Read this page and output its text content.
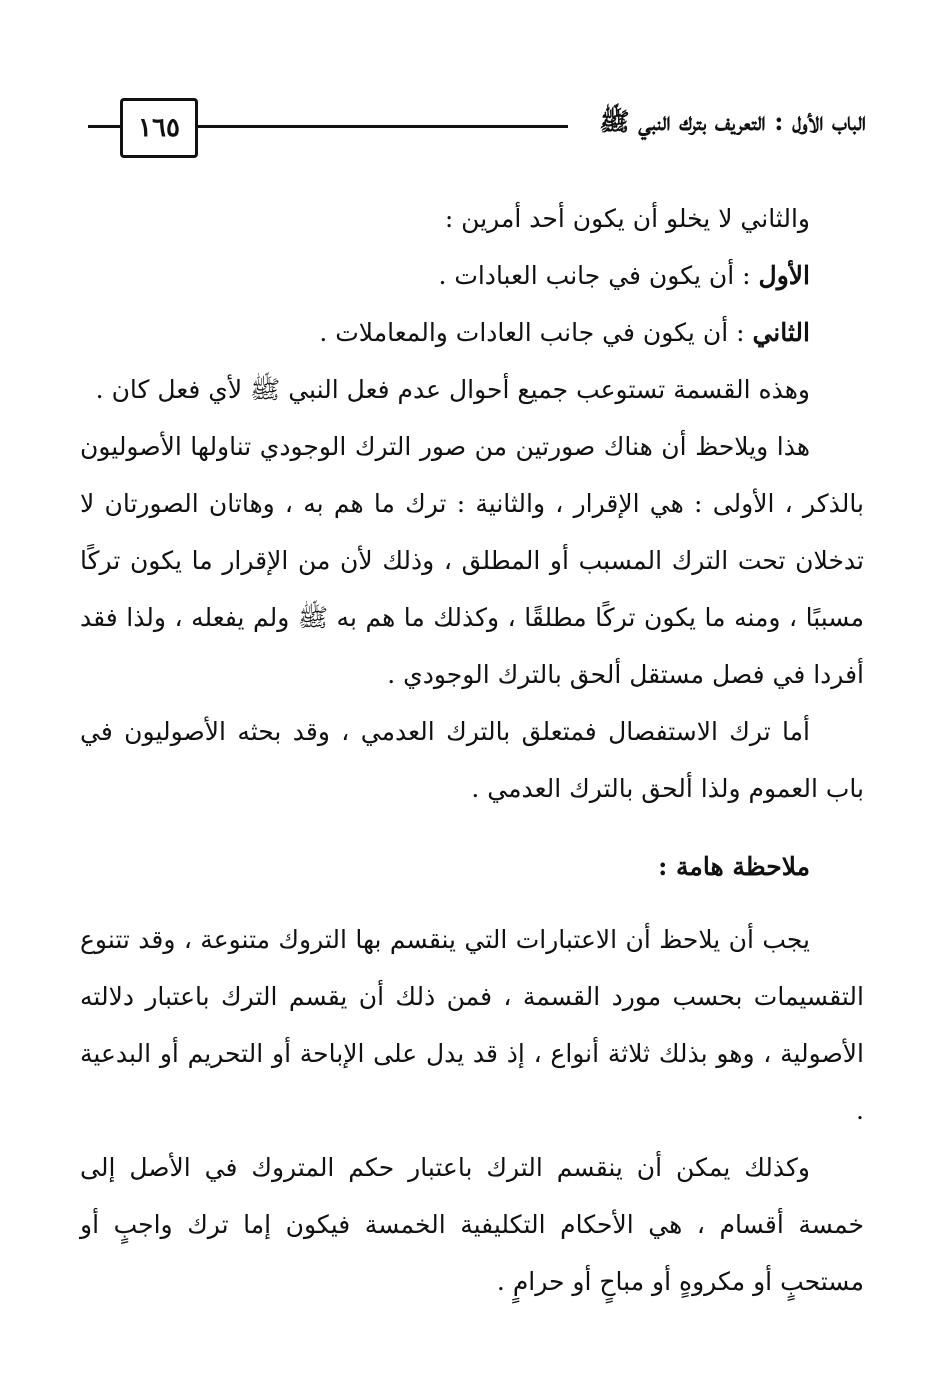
١٦٥	الباب الأول : التعريف بترك النبي ﷺ

والثاني لا يخلو أن يكون أحد أمرين :

الأول : أن يكون في جانب العبادات .

الثاني : أن يكون في جانب العادات والمعاملات .

وهذه القسمة تستوعب جميع أحوال عدم فعل النبي ﷺ لأي فعل كان .

هذا ويلاحظ أن هناك صورتين من صور الترك الوجودي تناولها الأصوليون بالذكر ، الأولى : هي الإقرار ، والثانية : ترك ما هم به ، وهاتان الصورتان لا تدخلان تحت الترك المسبب أو المطلق ، وذلك لأن من الإقرار ما يكون تركًا مسببًا ، ومنه ما يكون تركًا مطلقًا ، وكذلك ما هم به ﷺ ولم يفعله ، ولذا فقد أفردا في فصل مستقل ألحق بالترك الوجودي .

أما ترك الاستفصال فمتعلق بالترك العدمي ، وقد بحثه الأصوليون في باب العموم ولذا ألحق بالترك العدمي .

ملاحظة هامة :

يجب أن يلاحظ أن الاعتبارات التي ينقسم بها التروك متنوعة ، وقد تتنوع التقسيمات بحسب مورد القسمة ، فمن ذلك أن يقسم الترك باعتبار دلالته الأصولية ، وهو بذلك ثلاثة أنواع ، إذ قد يدل على الإباحة أو التحريم أو البدعية .

وكذلك يمكن أن ينقسم الترك باعتبار حكم المتروك في الأصل إلى خمسة أقسام ، هي الأحكام التكليفية الخمسة فيكون إما ترك واجبٍ أو مستحبٍ أو مكروهٍ أو مباحٍ أو حرامٍ .
